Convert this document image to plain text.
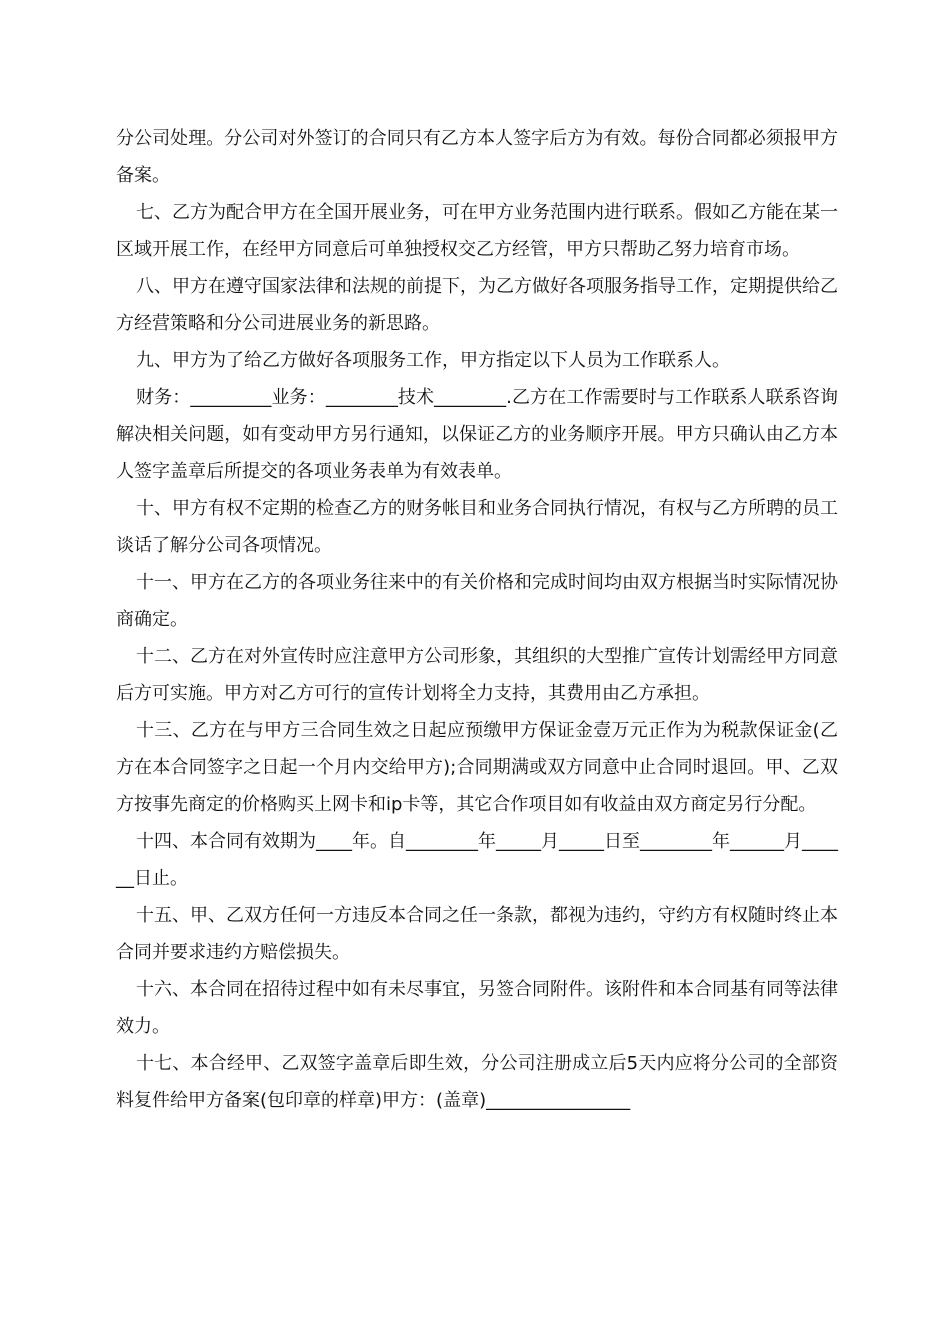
分公司处理。分公司对外签订的合同只有乙方本人签字后方为有效。每份合同都必须报甲方备案。

七、乙方为配合甲方在全国开展业务，可在甲方业务范围内进行联系。假如乙方能在某一区域开展工作，在经甲方同意后可单独授权交乙方经管，甲方只帮助乙努力培育市场。

八、甲方在遵守国家法律和法规的前提下，为乙方做好各项服务指导工作，定期提供给乙方经营策略和分公司进展业务的新思路。

九、甲方为了给乙方做好各项服务工作，甲方指定以下人员为工作联系人。

财务：_________业务：________技术________.乙方在工作需要时与工作联系人联系咨询解决相关问题，如有变动甲方另行通知，以保证乙方的业务顺序开展。甲方只确认由乙方本人签字盖章后所提交的各项业务表单为有效表单。

十、甲方有权不定期的检查乙方的财务帐目和业务合同执行情况，有权与乙方所聘的员工谈话了解分公司各项情况。

十一、甲方在乙方的各项业务往来中的有关价格和完成时间均由双方根据当时实际情况协商确定。

十二、乙方在对外宣传时应注意甲方公司形象，其组织的大型推广宣传计划需经甲方同意后方可实施。甲方对乙方可行的宣传计划将全力支持，其费用由乙方承担。

十三、乙方在与甲方三合同生效之日起应预缴甲方保证金壹万元正作为为税款保证金(乙方在本合同签字之日起一个月内交给甲方);合同期满或双方同意中止合同时退回。甲、乙双方按事先商定的价格购买上网卡和ip卡等，其它合作项目如有收益由双方商定另行分配。

十四、本合同有效期为____年。自________年_____月_____日至________年______月______日止。

十五、甲、乙双方任何一方违反本合同之任一条款，都视为违约，守约方有权随时终止本合同并要求违约方赔偿损失。

十六、本合同在招待过程中如有未尽事宜，另签合同附件。该附件和本合同基有同等法律效力。

十七、本合经甲、乙双签字盖章后即生效，分公司注册成立后5天内应将分公司的全部资料复件给甲方备案(包印章的样章)甲方：(盖章)________________
